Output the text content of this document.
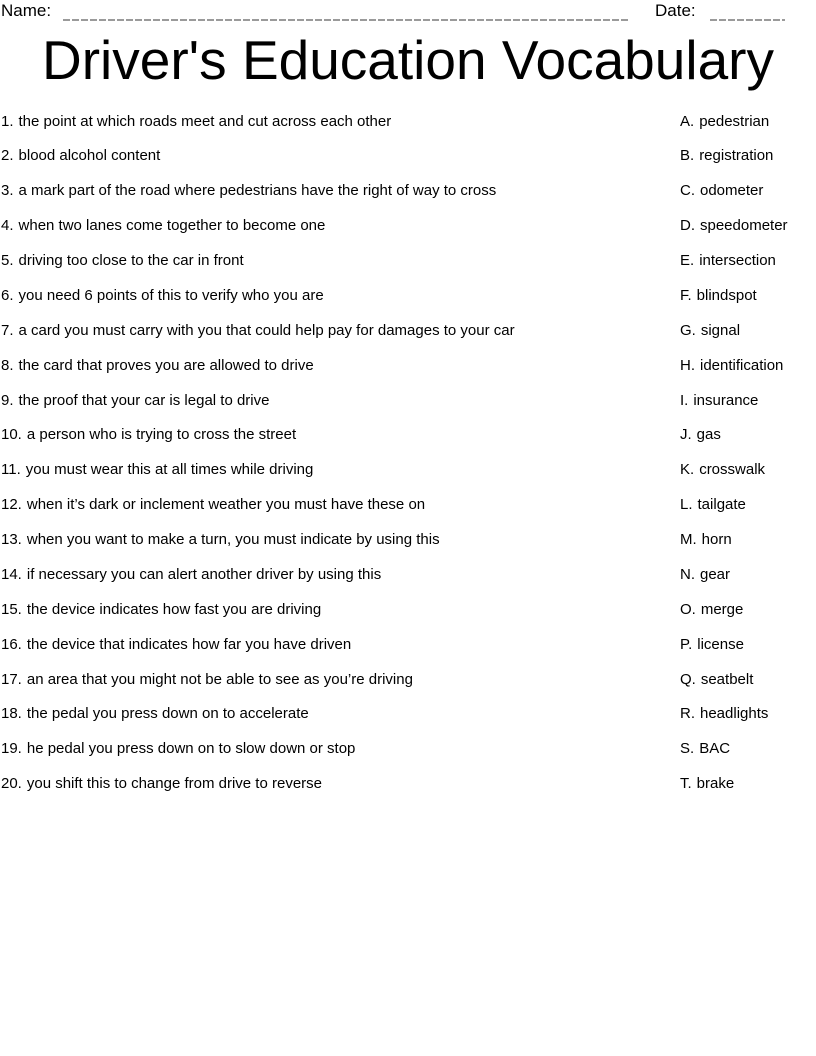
Name:	Date:
Driver's Education Vocabulary
1. the point at which roads meet and cut across each other	A. pedestrian
2. blood alcohol content	B. registration
3. a mark part of the road where pedestrians have the right of way to cross	C. odometer
4. when two lanes come together to become one	D. speedometer
5. driving too close to the car in front	E. intersection
6. you need 6 points of this to verify who you are	F. blindspot
7. a card you must carry with you that could help pay for damages to your car	G. signal
8. the card that proves you are allowed to drive	H. identification
9. the proof that your car is legal to drive	I. insurance
10. a person who is trying to cross the street	J. gas
11. you must wear this at all times while driving	K. crosswalk
12. when it’s dark or inclement weather you must have these on	L. tailgate
13. when you want to make a turn, you must indicate by using this	M. horn
14. if necessary you can alert another driver by using this	N. gear
15. the device indicates how fast you are driving	O. merge
16. the device that indicates how far you have driven	P. license
17. an area that you might not be able to see as you’re driving	Q. seatbelt
18. the pedal you press down on to accelerate	R. headlights
19. he pedal you press down on to slow down or stop	S. BAC
20. you shift this to change from drive to reverse	T. brake
